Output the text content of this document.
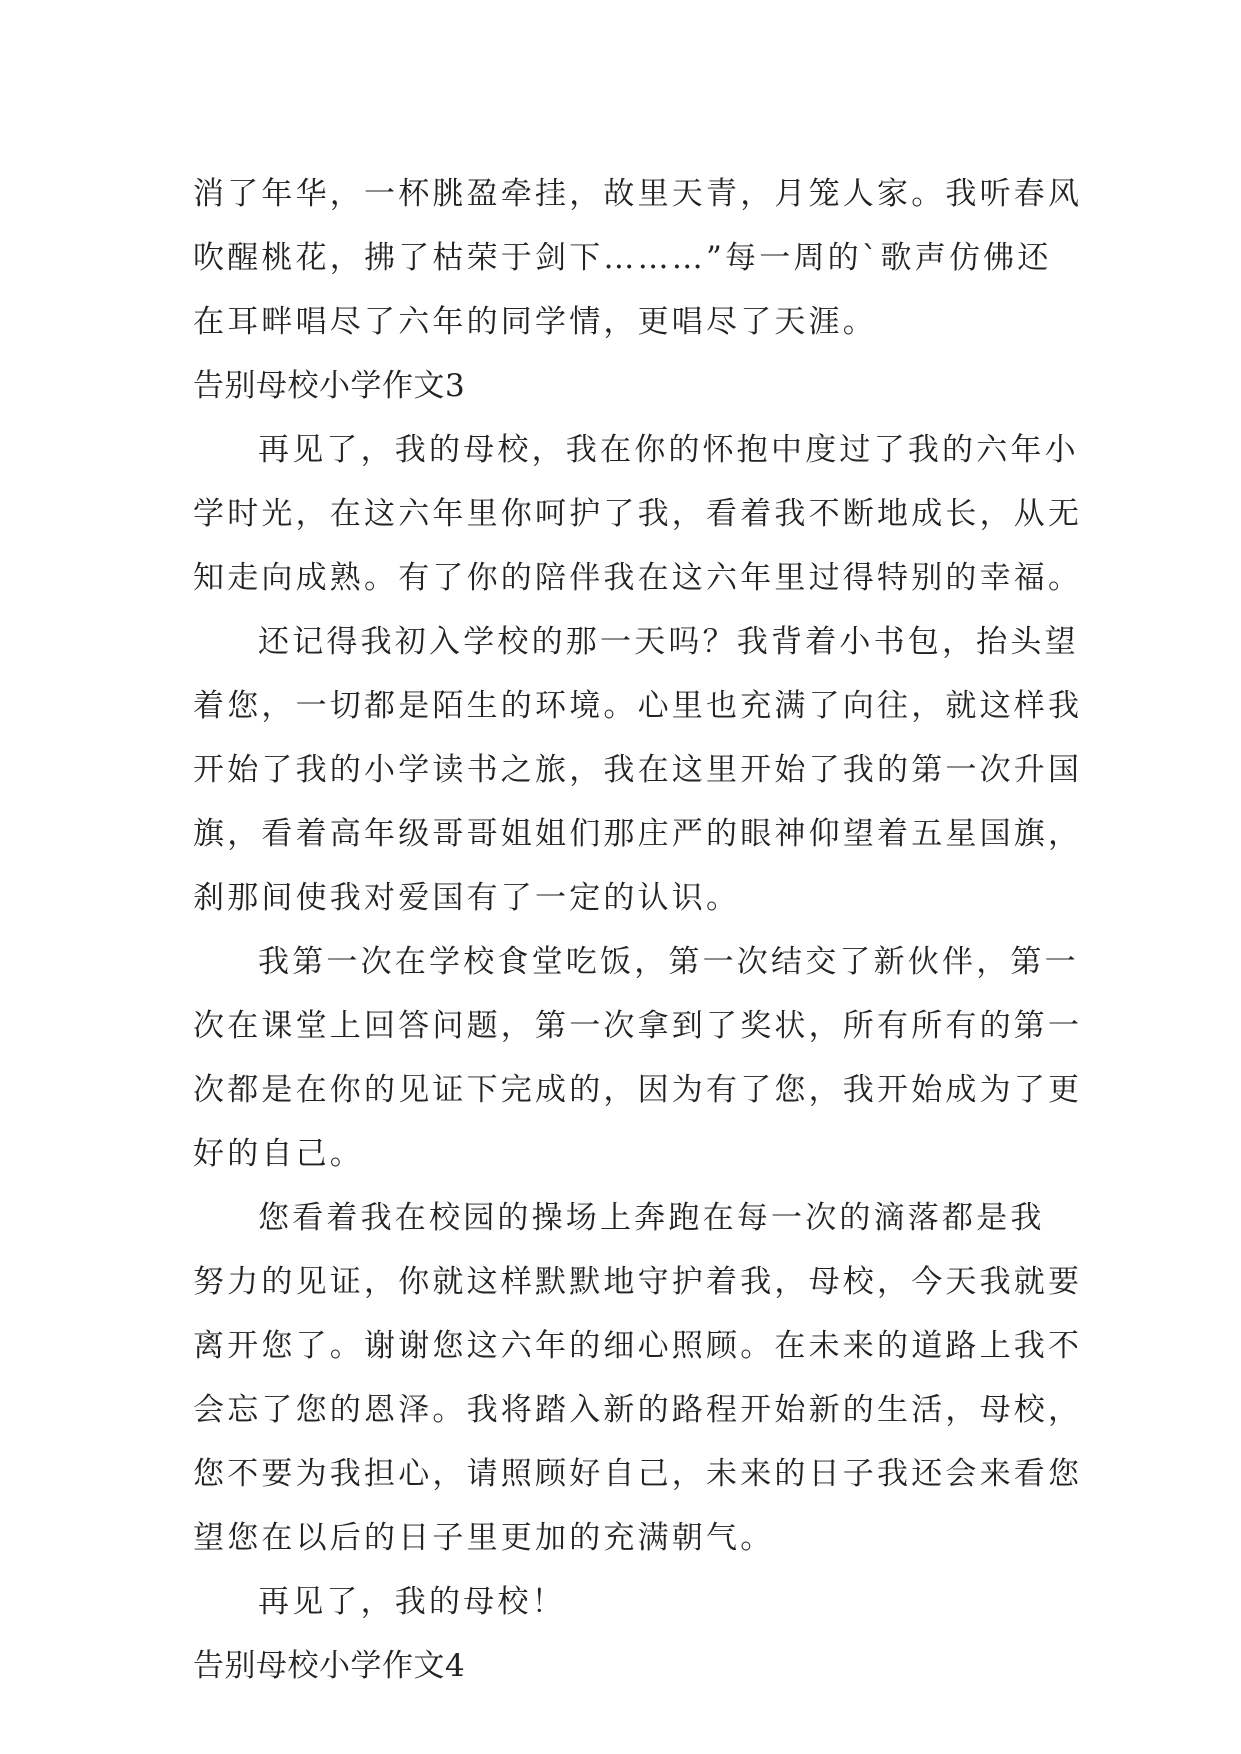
消了年华，一杯朓盈牵挂，故里天青，月笼人家。我听春风
吹醒桃花，拂了枯荣于剑下………”每一周的`歌声仿佛还
在耳畔唱尽了六年的同学情，更唱尽了天涯。
告别母校小学作文3
再见了，我的母校，我在你的怀抱中度过了我的六年小
学时光，在这六年里你呵护了我，看着我不断地成长，从无
知走向成熟。有了你的陪伴我在这六年里过得特别的幸福。
还记得我初入学校的那一天吗？我背着小书包，抬头望
着您，一切都是陌生的环境。心里也充满了向往，就这样我
开始了我的小学读书之旅，我在这里开始了我的第一次升国
旗，看着高年级哥哥姐姐们那庄严的眼神仰望着五星国旗，
刹那间使我对爱国有了一定的认识。
我第一次在学校食堂吃饭，第一次结交了新伙伴，第一
次在课堂上回答问题，第一次拿到了奖状，所有所有的第一
次都是在你的见证下完成的，因为有了您，我开始成为了更
好的自己。
您看着我在校园的操场上奔跑在每一次的滴落都是我
努力的见证，你就这样默默地守护着我，母校，今天我就要
离开您了。谢谢您这六年的细心照顾。在未来的道路上我不
会忘了您的恩泽。我将踏入新的路程开始新的生活，母校，
您不要为我担心，请照顾好自己，未来的日子我还会来看您
望您在以后的日子里更加的充满朝气。
再见了，我的母校！
告别母校小学作文4
